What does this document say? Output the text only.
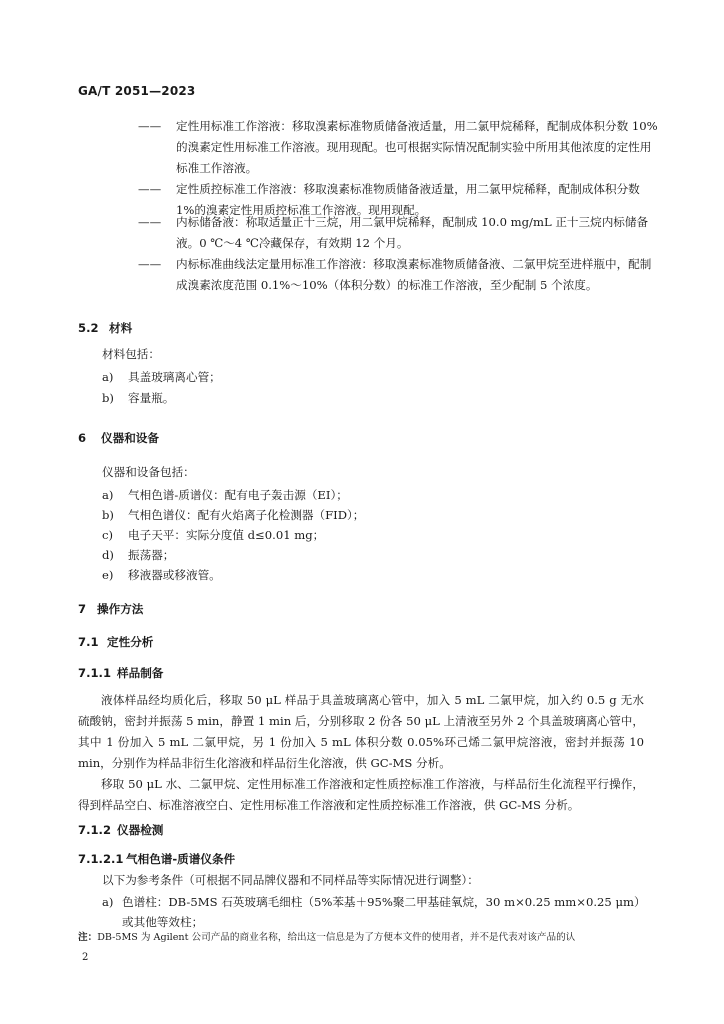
GA/T 2051—2023
—— 定性用标准工作溶液：移取溴素标准物质储备液适量，用二氯甲烷稀释，配制成体积分数 10%的溴素定性用标准工作溶液。现用现配。也可根据实际情况配制实验中所用其他浓度的定性用标准工作溶液。
—— 定性质控标准工作溶液：移取溴素标准物质储备液适量，用二氯甲烷稀释，配制成体积分数 1%的溴素定性用质控标准工作溶液。现用现配。
—— 内标储备液：称取适量正十三烷，用二氯甲烷稀释，配制成 10.0 mg/mL 正十三烷内标储备液。0 ℃～4 ℃冷藏保存，有效期 12 个月。
—— 内标标准曲线法定量用标准工作溶液：移取溴素标准物质储备液、二氯甲烷至进样瓶中，配制成溴素浓度范围 0.1%～10%（体积分数）的标准工作溶液，至少配制 5 个浓度。
5.2 材料
材料包括：
a) 具盖玻璃离心管；
b) 容量瓶。
6 仪器和设备
仪器和设备包括：
a) 气相色谱-质谱仪：配有电子轰击源（EI）；
b) 气相色谱仪：配有火焰离子化检测器（FID）；
c) 电子天平：实际分度值 d≤0.01 mg；
d) 振荡器；
e) 移液器或移液管。
7 操作方法
7.1 定性分析
7.1.1 样品制备
液体样品经均质化后，移取 50 μL 样品于具盖玻璃离心管中，加入 5 mL 二氯甲烷，加入约 0.5 g 无水硫酸钠，密封并振荡 5 min，静置 1 min 后，分别移取 2 份各 50 μL 上清液至另外 2 个具盖玻璃离心管中，其中 1 份加入 5 mL 二氯甲烷，另 1 份加入 5 mL 体积分数 0.05%环己烯二氯甲烷溶液，密封并振荡 10 min，分别作为样品非衍生化溶液和样品衍生化溶液，供 GC-MS 分析。
移取 50 μL 水、二氯甲烷、定性用标准工作溶液和定性质控标准工作溶液，与样品衍生化流程平行操作，得到样品空白、标准溶液空白、定性用标准工作溶液和定性质控标准工作溶液，供 GC-MS 分析。
7.1.2 仪器检测
7.1.2.1 气相色谱-质谱仪条件
以下为参考条件（可根据不同品牌仪器和不同样品等实际情况进行调整）：
a) 色谱柱：DB-5MS 石英玻璃毛细柱（5%苯基＋95%聚二甲基硅氧烷，30 m×0.25 mm×0.25 μm）或其他等效柱；
注：DB-5MS 为 Agilent 公司产品的商业名称，给出这一信息是为了方便本文件的使用者，并不是代表对该产品的认
2
